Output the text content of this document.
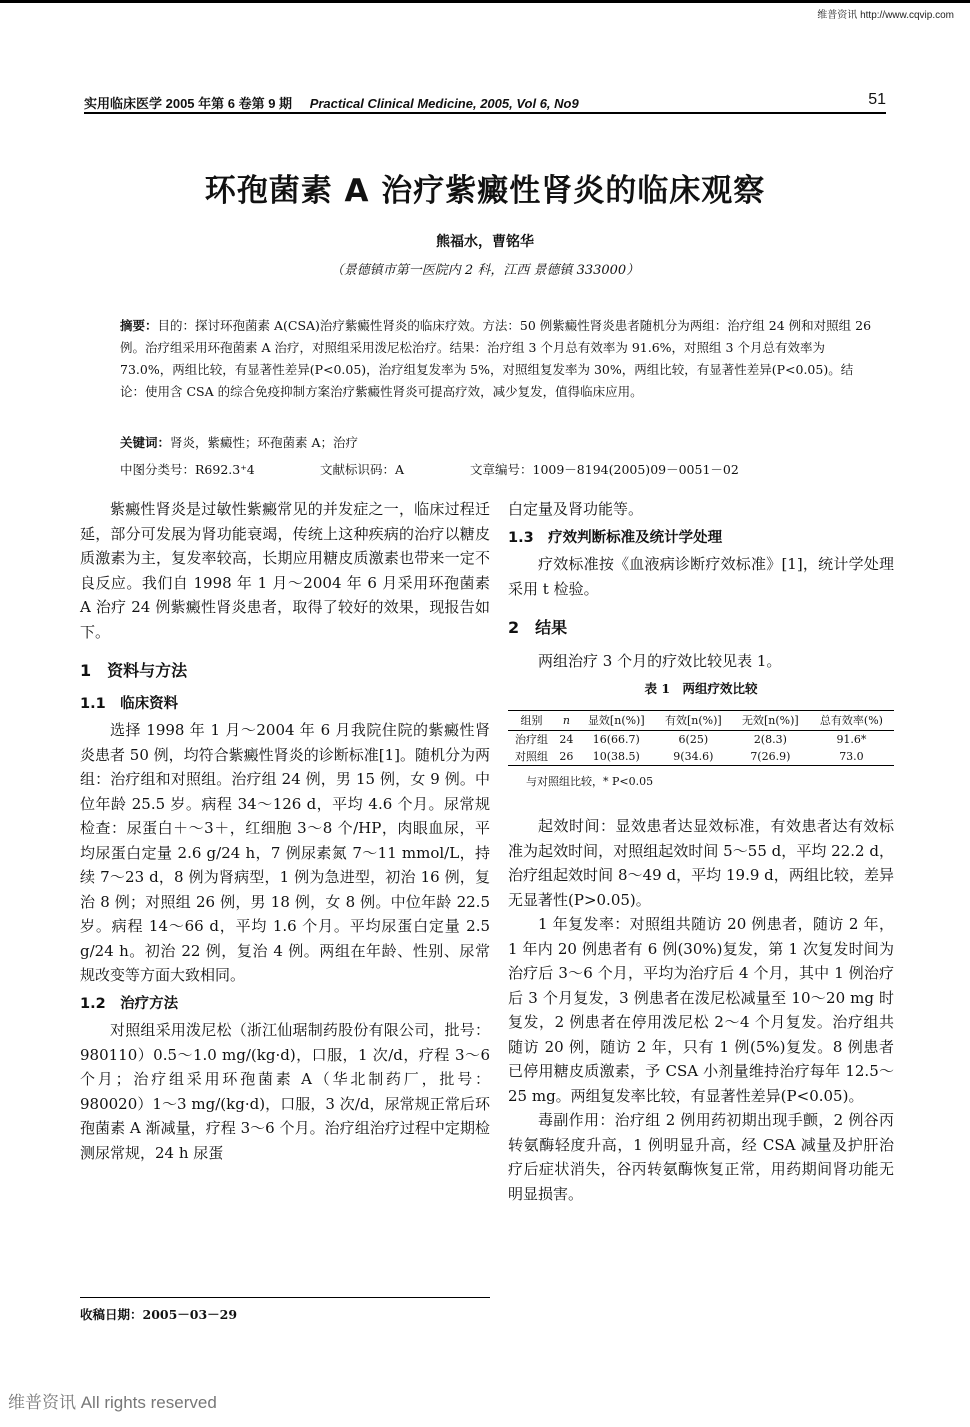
维普资讯 http://www.cqvip.com
实用临床医学 2005 年第 6 卷第 9 期 Practical Clinical Medicine, 2005, Vol 6, No9	51
环孢菌素 A 治疗紫癜性肾炎的临床观察
熊福水，曹铭华
（景德镇市第一医院内 2 科，江西 景德镇 333000）
摘要：目的：探讨环孢菌素 A(CSA)治疗紫癜性肾炎的临床疗效。方法：50 例紫癜性肾炎患者随机分为两组：治疗组 24 例和对照组 26 例。治疗组采用环孢菌素 A 治疗，对照组采用泼尼松治疗。结果：治疗组 3 个月总有效率为 91.6%，对照组 3 个月总有效率为 73.0%，两组比较，有显著性差异(P<0.05)，治疗组复发率为 5%，对照组复发率为 30%，两组比较，有显著性差异(P<0.05)。结论：使用含 CSA 的综合免疫抑制方案治疗紫癜性肾炎可提高疗效，减少复发，值得临床应用。
关键词：肾炎，紫癜性；环孢菌素 A；治疗
中图分类号：R692.3⁺4	文献标识码：A	文章编号：1009－8194(2005)09－0051－02

紫癜性肾炎是过敏性紫癜常见的并发症之一，临床过程迁延，部分可发展为肾功能衰竭，传统上这种疾病的治疗以糖皮质激素为主，复发率较高，长期应用糖皮质激素也带来一定不良反应。我们自 1998 年 1 月～2004 年 6 月采用环孢菌素 A 治疗 24 例紫癜性肾炎患者，取得了较好的效果，现报告如下。

1　资料与方法
1.1　临床资料

选择 1998 年 1 月～2004 年 6 月我院住院的紫癜性肾炎患者 50 例，均符合紫癜性肾炎的诊断标准[1]。随机分为两组：治疗组和对照组。治疗组 24 例，男 15 例，女 9 例。中位年龄 25.5 岁。病程 34～126 d，平均 4.6 个月。尿常规检查：尿蛋白＋～3＋，红细胞 3～8 个/HP，肉眼血尿，平均尿蛋白定量 2.6 g/24 h，7 例尿素氮 7～11 mmol/L，持续 7～23 d，8 例为肾病型，1 例为急进型，初治 16 例，复治 8 例；对照组 26 例，男 18 例，女 8 例。中位年龄 22.5 岁。病程 14～66 d，平均 1.6 个月。平均尿蛋白定量 2.5 g/24 h。初治 22 例，复治 4 例。两组在年龄、性别、尿常规改变等方面大致相同。

1.2　治疗方法

对照组采用泼尼松（浙江仙琚制药股份有限公司，批号：980110）0.5～1.0 mg/(kg·d)，口服，1 次/d，疗程 3～6 个月；治疗组采用环孢菌素 A（华北制药厂，批号：980020）1～3 mg/(kg·d)，口服，3 次/d，尿常规正常后环孢菌素 A 渐减量，疗程 3～6 个月。治疗组治疗过程中定期检测尿常规，24 h 尿蛋

白定量及肾功能等。

1.3　疗效判断标准及统计学处理

疗效标准按《血液病诊断疗效标准》[1]，统计学处理采用 t 检验。

2　结果

两组治疗 3 个月的疗效比较见表 1。

表 1　两组疗效比较
组别	n	显效[n(%)]	有效[n(%)]	无效[n(%)]	总有效率(%)
治疗组	24	16(66.7)	6(25)	2(8.3)	91.6*
对照组	26	10(38.5)	9(34.6)	7(26.9)	73.0
与对照组比较，* P<0.05

起效时间：显效患者达显效标准，有效患者达有效标准为起效时间，对照组起效时间 5～55 d，平均 22.2 d，治疗组起效时间 8～49 d，平均 19.9 d，两组比较，差异无显著性(P>0.05)。

1 年复发率：对照组共随访 20 例患者，随访 2 年，1 年内 20 例患者有 6 例(30%)复发，第 1 次复发时间为治疗后 3～6 个月，平均为治疗后 4 个月，其中 1 例治疗后 3 个月复发，3 例患者在泼尼松减量至 10～20 mg 时复发，2 例患者在停用泼尼松 2～4 个月复发。治疗组共随访 20 例，随访 2 年，只有 1 例(5%)复发。8 例患者已停用糖皮质激素，予 CSA 小剂量维持治疗每年 12.5～25 mg。两组复发率比较，有显著性差异(P<0.05)。

毒副作用：治疗组 2 例用药初期出现手颤，2 例谷丙转氨酶轻度升高，1 例明显升高，经 CSA 减量及护肝治疗后症状消失，谷丙转氨酶恢复正常，用药期间肾功能无明显损害。

收稿日期：2005－03－29
维普资讯 All rights reserved
